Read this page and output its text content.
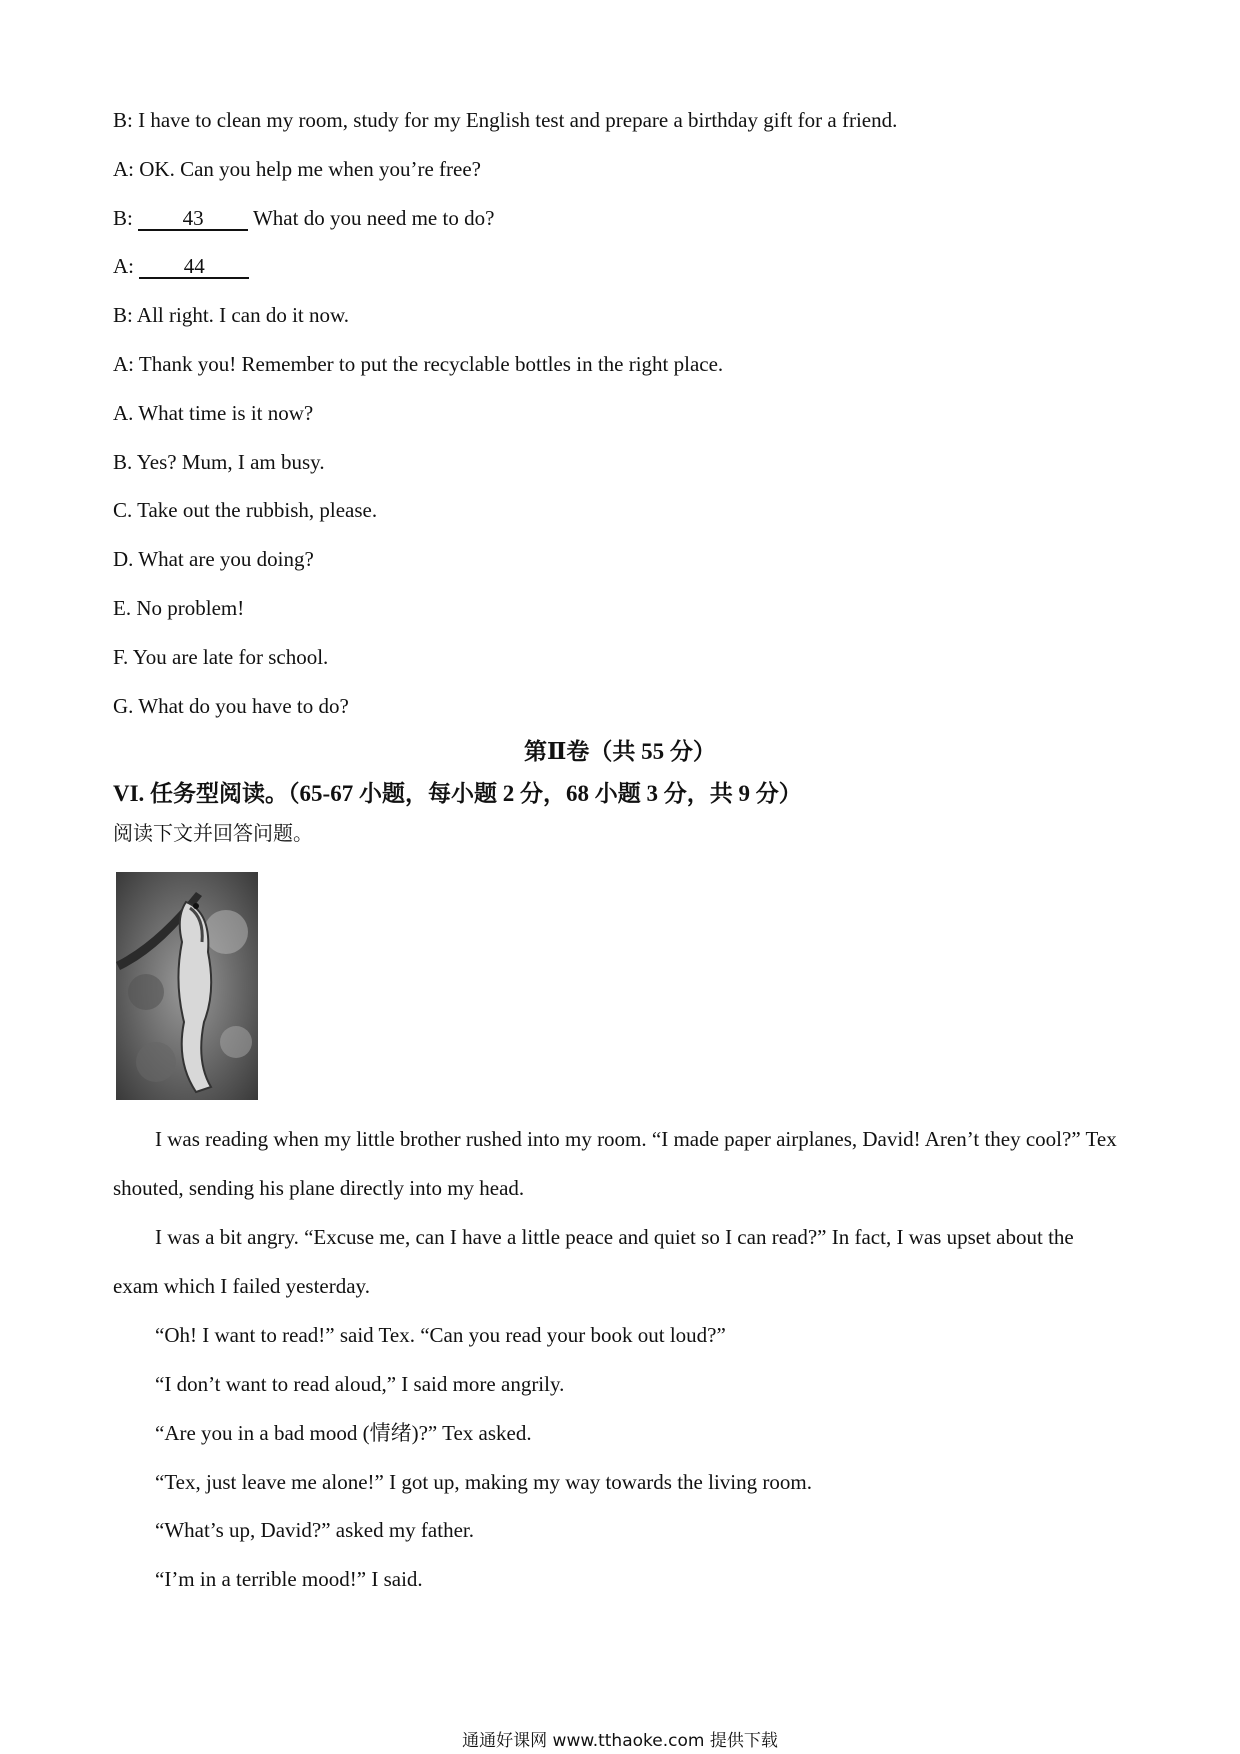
B: I have to clean my room, study for my English test and prepare a birthday gift for a friend.
A: OK. Can you help me when you’re free?
B: 43 What do you need me to do?
A: 44
B: All right. I can do it now.
A: Thank you! Remember to put the recyclable bottles in the right place.
A. What time is it now?
B. Yes? Mum, I am busy.
C. Take out the rubbish, please.
D. What are you doing?
E. No problem!
F. You are late for school.
G. What do you have to do?
第Ⅱ卷（共 55 分）
VI. 任务型阅读。（65-67 小题，每小题 2 分，68 小题 3 分，共 9 分）
阅读下文并回答问题。
I was reading when my little brother rushed into my room. “I made paper airplanes, David! Aren’t they cool?” Tex shouted, sending his plane directly into my head.
I was a bit angry. “Excuse me, can I have a little peace and quiet so I can read?” In fact, I was upset about the exam which I failed yesterday.
“Oh! I want to read!” said Tex. “Can you read your book out loud?”
“I don’t want to read aloud,” I said more angrily.
“Are you in a bad mood (情绪)?” Tex asked.
“Tex, just leave me alone!” I got up, making my way towards the living room.
“What’s up, David?” asked my father.
“I’m in a terrible mood!” I said.
通通好课网 www.tthaoke.com 提供下载
